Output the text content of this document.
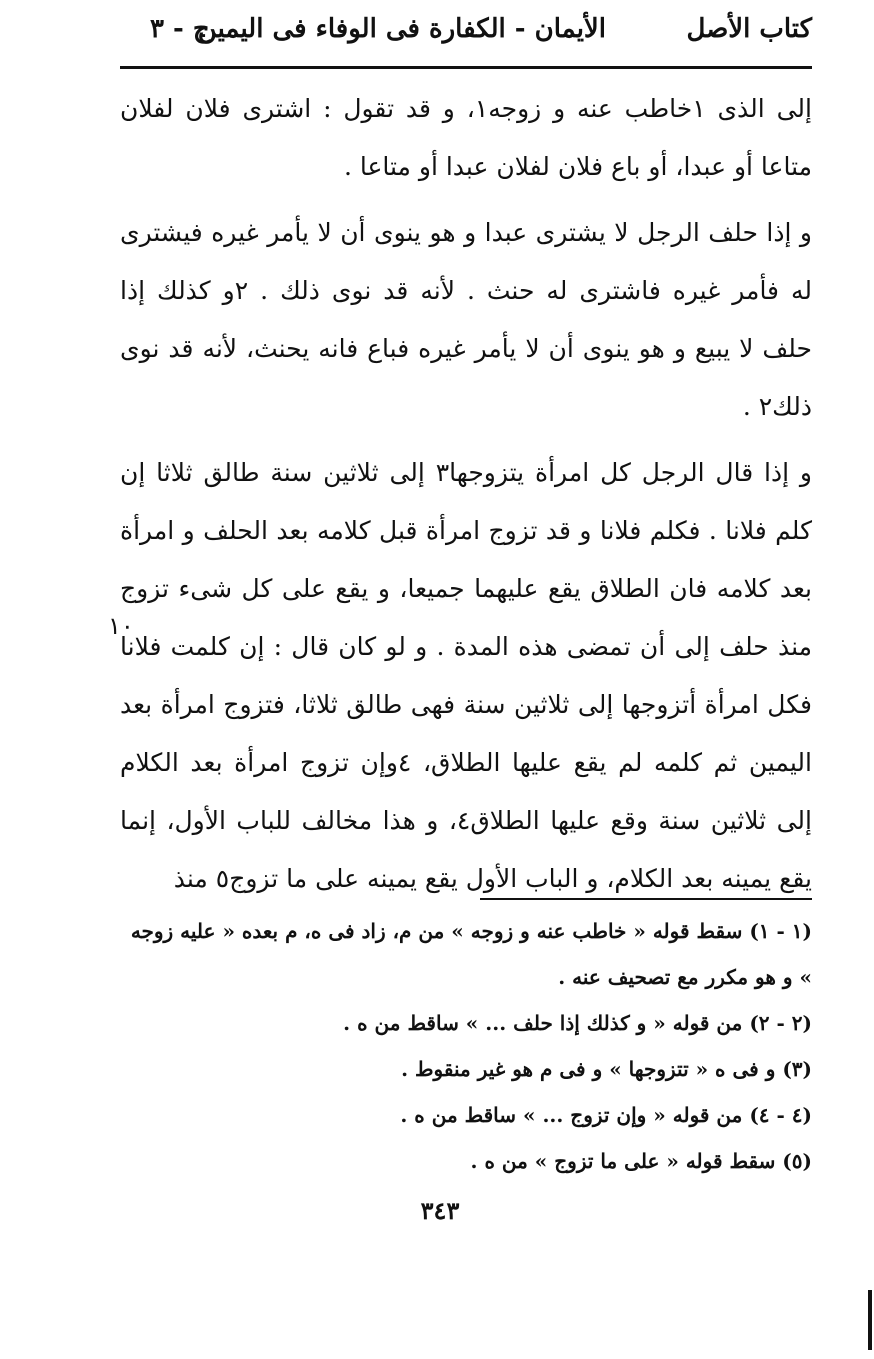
كتاب الأصل
الأيمان - الكفارة فى الوفاء فى اليمين
ج - ٣

إلى الذى ١خاطب عنه و زوجه١، و قد تقول : اشترى فلان لفلان متاعا أو عبدا، أو باع فلان لفلان عبدا أو متاعا .

و إذا حلف الرجل لا يشترى عبدا و هو ينوى أن لا يأمر غيره فيشترى له فأمر غيره فاشترى له حنث . لأنه قد نوى ذلك . ٢و كذلك إذا حلف لا يبيع و هو ينوى أن لا يأمر غيره فباع فانه يحنث، لأنه قد نوى ذلك٢ .

و إذا قال الرجل كل امرأة يتزوجها٣ إلى ثلاثين سنة طالق ثلاثا إن كلم فلانا . فكلم فلانا و قد تزوج امرأة قبل كلامه بعد الحلف و امرأة بعد كلامه فان الطلاق يقع عليهما جميعا، و يقع على كل شىء تزوج منذ حلف إلى أن تمضى هذه المدة . و لو كان قال : إن كلمت فلانا فكل امرأة أتزوجها إلى ثلاثين سنة فهى طالق ثلاثا، فتزوج امرأة بعد اليمين ثم كلمه لم يقع عليها الطلاق، ٤وإن تزوج امرأة بعد الكلام إلى ثلاثين سنة وقع عليها الطلاق٤، و هذا مخالف للباب الأول، إنما يقع يمينه بعد الكلام، و الباب الأول يقع يمينه على ما تزوج٥ منذ

١٠

(١ - ١) سقط قوله « خاطب عنه و زوجه » من م، زاد فى ه، م بعده « عليه زوجه » و هو مكرر مع تصحيف عنه .

(٢ - ٢) من قوله « و كذلك إذا حلف ... » ساقط من ه .

(٣) و فى ه « تتزوجها » و فى م هو غير منقوط .

(٤ - ٤) من قوله « وإن تزوج ... » ساقط من ه .

(٥) سقط قوله « على ما تزوج » من ه .

٣٤٣
